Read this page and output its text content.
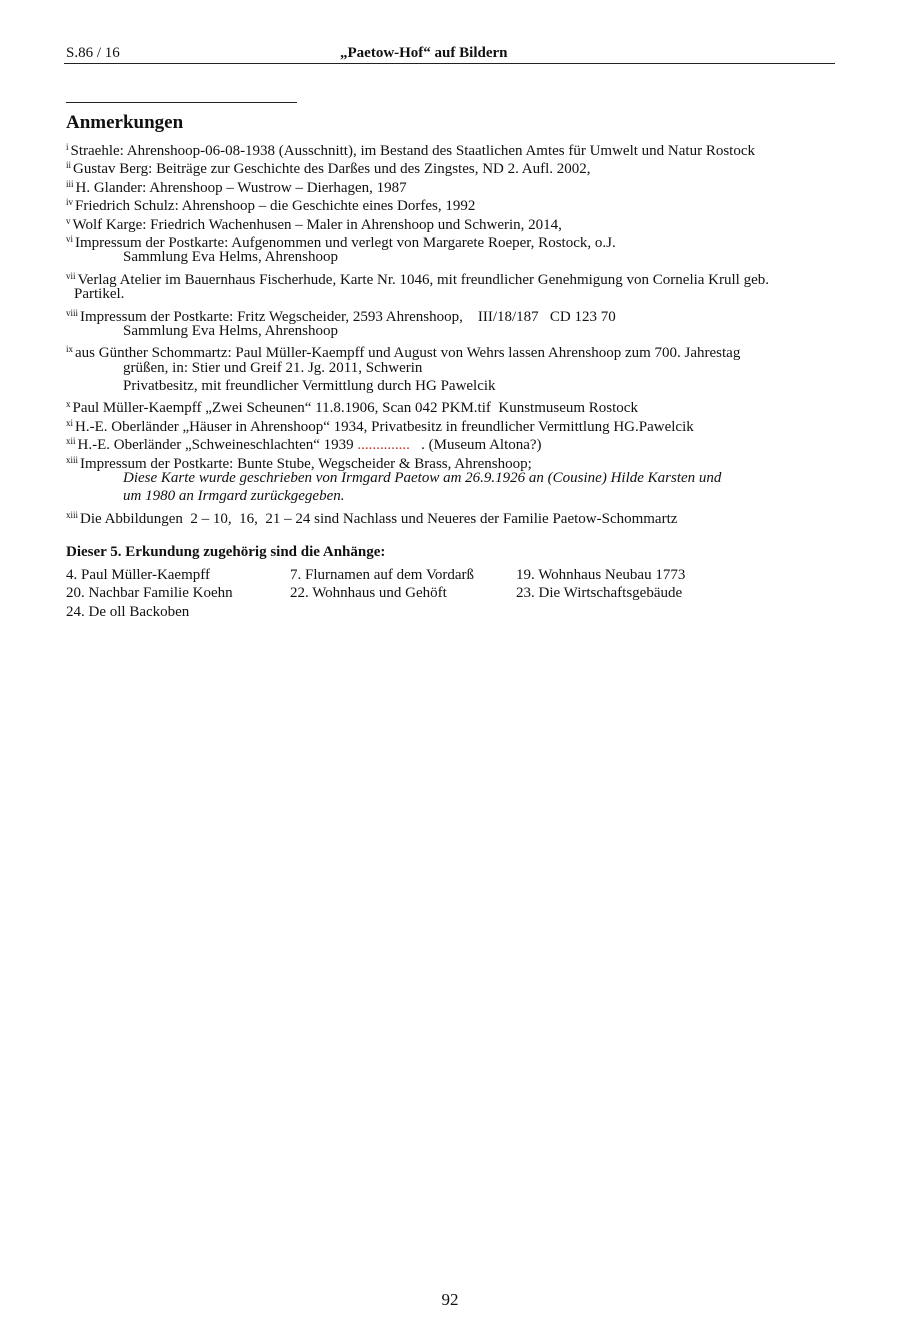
S.86 / 16	„Paetow-Hof“ auf Bildern
Anmerkungen
$^i$ Straehle: Ahrenshoop-06-08-1938 (Ausschnitt), im Bestand des Staatlichen Amtes für Umwelt und Natur Rostock
$^{ii}$ Gustav Berg: Beiträge zur Geschichte des Darßes und des Zingstes, ND 2. Aufl. 2002,
$^{iii}$ H. Glander: Ahrenshoop – Wustrow – Dierhagen, 1987
$^{iv}$ Friedrich Schulz: Ahrenshoop – die Geschichte eines Dorfes, 1992
$^v$ Wolf Karge: Friedrich Wachenhusen – Maler in Ahrenshoop und Schwerin, 2014,
$^{vi}$ Impressum der Postkarte: Aufgenommen und verlegt von Margarete Roeper, Rostock, o.J.
Sammlung Eva Helms, Ahrenshoop
$^{vii}$ Verlag Atelier im Bauernhaus Fischerhude, Karte Nr. 1046, mit freundlicher Genehmigung von Cornelia Krull geb.
Partikel.
$^{viii}$ Impressum der Postkarte: Fritz Wegscheider, 2593 Ahrenshoop,    III/18/187   CD 123 70
Sammlung Eva Helms, Ahrenshoop
$^{ix}$ aus Günther Schommartz: Paul Müller-Kaempff und August von Wehrs lassen Ahrenshoop zum 700. Jahrestag
grüßen, in: Stier und Greif 21. Jg. 2011, Schwerin
Privatbesitz, mit freundlicher Vermittlung durch HG Pawelcik
$^x$ Paul Müller-Kaempff „Zwei Scheunen“ 11.8.1906, Scan 042 PKM.tif  Kunstmuseum Rostock
$^{xi}$ H.-E. Oberländer „Häuser in Ahrenshoop“ 1934, Privatbesitz in freundlicher Vermittlung HG.Pawelcik
$^{xii}$ H.-E. Oberländer „Schweineschlachten“ 1939 ..............   . (Museum Altona?)
$^{xiii}$ Impressum der Postkarte: Bunte Stube, Wegscheider & Brass, Ahrenshoop;
Diese Karte wurde geschrieben von Irmgard Paetow am 26.9.1926 an (Cousine) Hilde Karsten und
um 1980 an Irmgard zurückgegeben.
$^{xiii}$ Die Abbildungen  2 – 10,  16,  21 – 24 sind Nachlass und Neueres der Familie Paetow-Schommartz
Dieser 5. Erkundung zugehörig sind die Anhänge:
4. Paul Müller-Kaempff	7. Flurnamen auf dem Vordarß	19. Wohnhaus Neubau 1773
20. Nachbar Familie Koehn	22. Wohnhaus und Gehöft	23. Die Wirtschaftsgebäude
24. De oll Backoben
92
